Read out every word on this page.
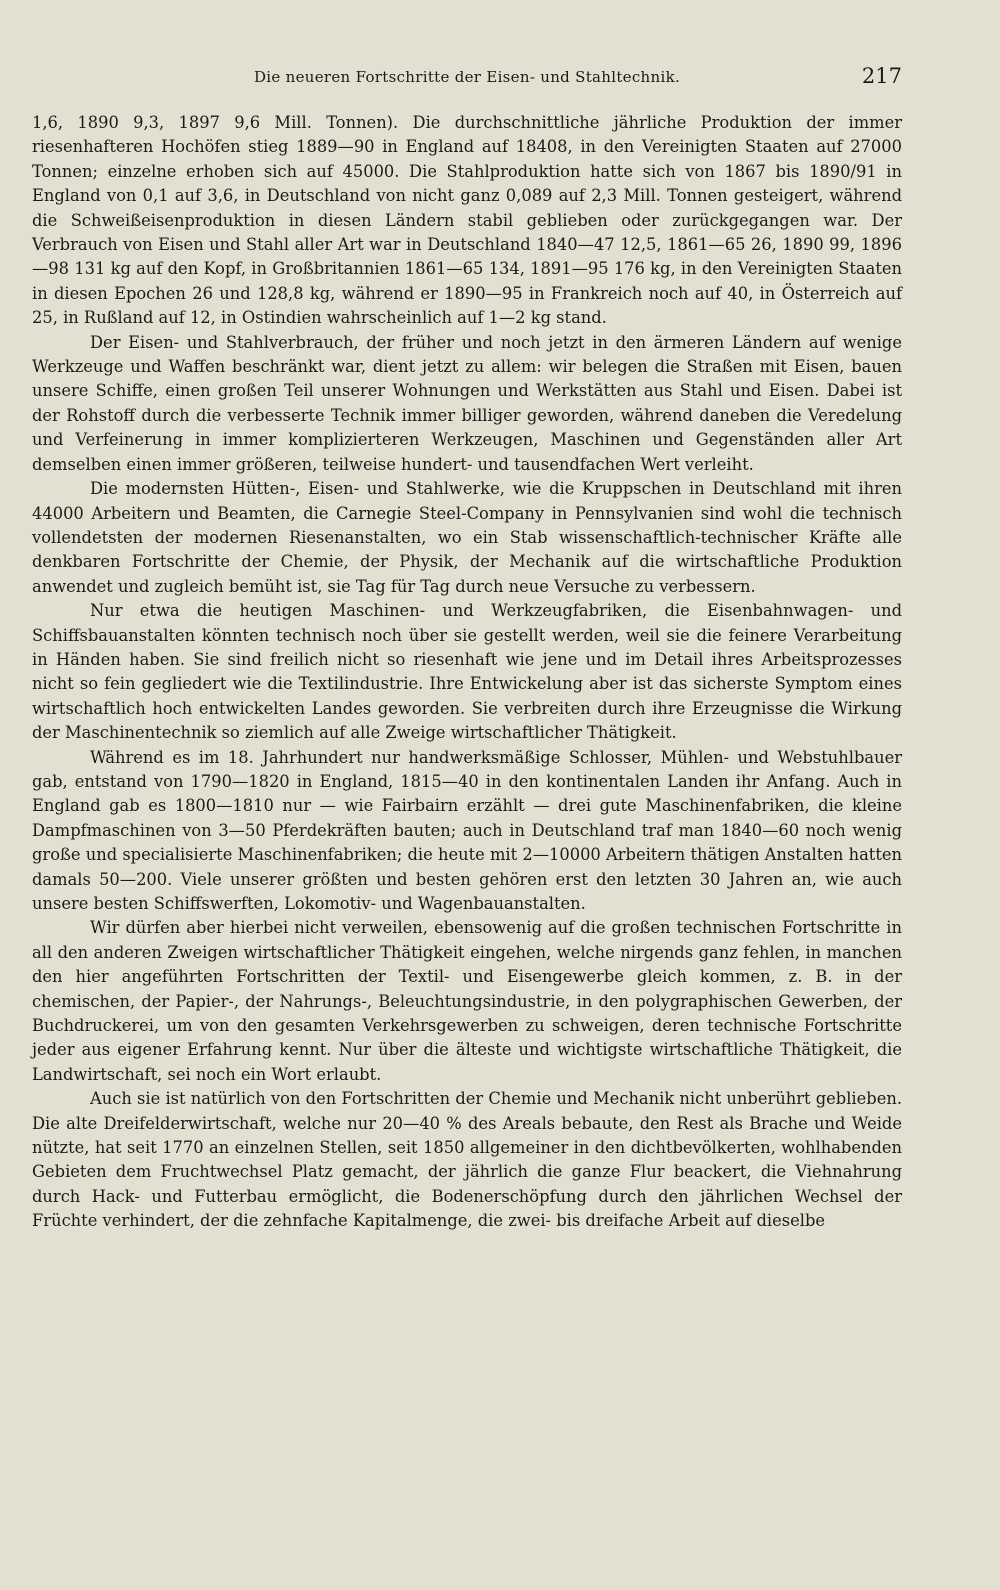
Die neueren Fortschritte der Eisen- und Stahltechnik.	217

1,6, 1890 9,3, 1897 9,6 Mill. Tonnen). Die durchschnittliche jährliche Produktion der immer riesenhafteren Hochöfen stieg 1889—90 in England auf 18408, in den Vereinigten Staaten auf 27000 Tonnen; einzelne erhoben sich auf 45000. Die Stahlproduktion hatte sich von 1867 bis 1890/91 in England von 0,1 auf 3,6, in Deutschland von nicht ganz 0,089 auf 2,3 Mill. Tonnen gesteigert, während die Schweißeisenproduktion in diesen Ländern stabil geblieben oder zurückgegangen war. Der Verbrauch von Eisen und Stahl aller Art war in Deutschland 1840—47 12,5, 1861—65 26, 1890 99, 1896—98 131 kg auf den Kopf, in Großbritannien 1861—65 134, 1891—95 176 kg, in den Vereinigten Staaten in diesen Epochen 26 und 128,8 kg, während er 1890—95 in Frankreich noch auf 40, in Österreich auf 25, in Rußland auf 12, in Ostindien wahrscheinlich auf 1—2 kg stand.

Der Eisen- und Stahlverbrauch, der früher und noch jetzt in den ärmeren Ländern auf wenige Werkzeuge und Waffen beschränkt war, dient jetzt zu allem: wir belegen die Straßen mit Eisen, bauen unsere Schiffe, einen großen Teil unserer Wohnungen und Werkstätten aus Stahl und Eisen. Dabei ist der Rohstoff durch die verbesserte Technik immer billiger geworden, während daneben die Veredelung und Verfeinerung in immer komplizierteren Werkzeugen, Maschinen und Gegenständen aller Art demselben einen immer größeren, teilweise hundert- und tausendfachen Wert verleiht.

Die modernsten Hütten-, Eisen- und Stahlwerke, wie die Kruppschen in Deutschland mit ihren 44000 Arbeitern und Beamten, die Carnegie Steel-Company in Pennsylvanien sind wohl die technisch vollendetsten der modernen Riesenanstalten, wo ein Stab wissenschaftlich-technischer Kräfte alle denkbaren Fortschritte der Chemie, der Physik, der Mechanik auf die wirtschaftliche Produktion anwendet und zugleich bemüht ist, sie Tag für Tag durch neue Versuche zu verbessern.

Nur etwa die heutigen Maschinen- und Werkzeugfabriken, die Eisenbahnwagen- und Schiffsbauanstalten könnten technisch noch über sie gestellt werden, weil sie die feinere Verarbeitung in Händen haben. Sie sind freilich nicht so riesenhaft wie jene und im Detail ihres Arbeitsprozesses nicht so fein gegliedert wie die Textilindustrie. Ihre Entwickelung aber ist das sicherste Symptom eines wirtschaftlich hoch entwickelten Landes geworden. Sie verbreiten durch ihre Erzeugnisse die Wirkung der Maschinentechnik so ziemlich auf alle Zweige wirtschaftlicher Thätigkeit.

Während es im 18. Jahrhundert nur handwerksmäßige Schlosser, Mühlen- und Webstuhlbauer gab, entstand von 1790—1820 in England, 1815—40 in den kontinentalen Landen ihr Anfang. Auch in England gab es 1800—1810 nur — wie Fairbairn erzählt — drei gute Maschinenfabriken, die kleine Dampfmaschinen von 3—50 Pferdekräften bauten; auch in Deutschland traf man 1840—60 noch wenig große und specialisierte Maschinenfabriken; die heute mit 2—10000 Arbeitern thätigen Anstalten hatten damals 50—200. Viele unserer größten und besten gehören erst den letzten 30 Jahren an, wie auch unsere besten Schiffswerften, Lokomotiv- und Wagenbauanstalten.

Wir dürfen aber hierbei nicht verweilen, ebensowenig auf die großen technischen Fortschritte in all den anderen Zweigen wirtschaftlicher Thätigkeit eingehen, welche nirgends ganz fehlen, in manchen den hier angeführten Fortschritten der Textil- und Eisengewerbe gleich kommen, z. B. in der chemischen, der Papier-, der Nahrungs-, Beleuchtungsindustrie, in den polygraphischen Gewerben, der Buchdruckerei, um von den gesamten Verkehrsgewerben zu schweigen, deren technische Fortschritte jeder aus eigener Erfahrung kennt. Nur über die älteste und wichtigste wirtschaftliche Thätigkeit, die Landwirtschaft, sei noch ein Wort erlaubt.

Auch sie ist natürlich von den Fortschritten der Chemie und Mechanik nicht unberührt geblieben. Die alte Dreifelderwirtschaft, welche nur 20—40 % des Areals bebaute, den Rest als Brache und Weide nützte, hat seit 1770 an einzelnen Stellen, seit 1850 allgemeiner in den dichtbevölkerten, wohlhabenden Gebieten dem Fruchtwechsel Platz gemacht, der jährlich die ganze Flur beackert, die Viehnahrung durch Hack- und Futterbau ermöglicht, die Bodenerschöpfung durch den jährlichen Wechsel der Früchte verhindert, der die zehnfache Kapitalmenge, die zwei- bis dreifache Arbeit auf dieselbe
